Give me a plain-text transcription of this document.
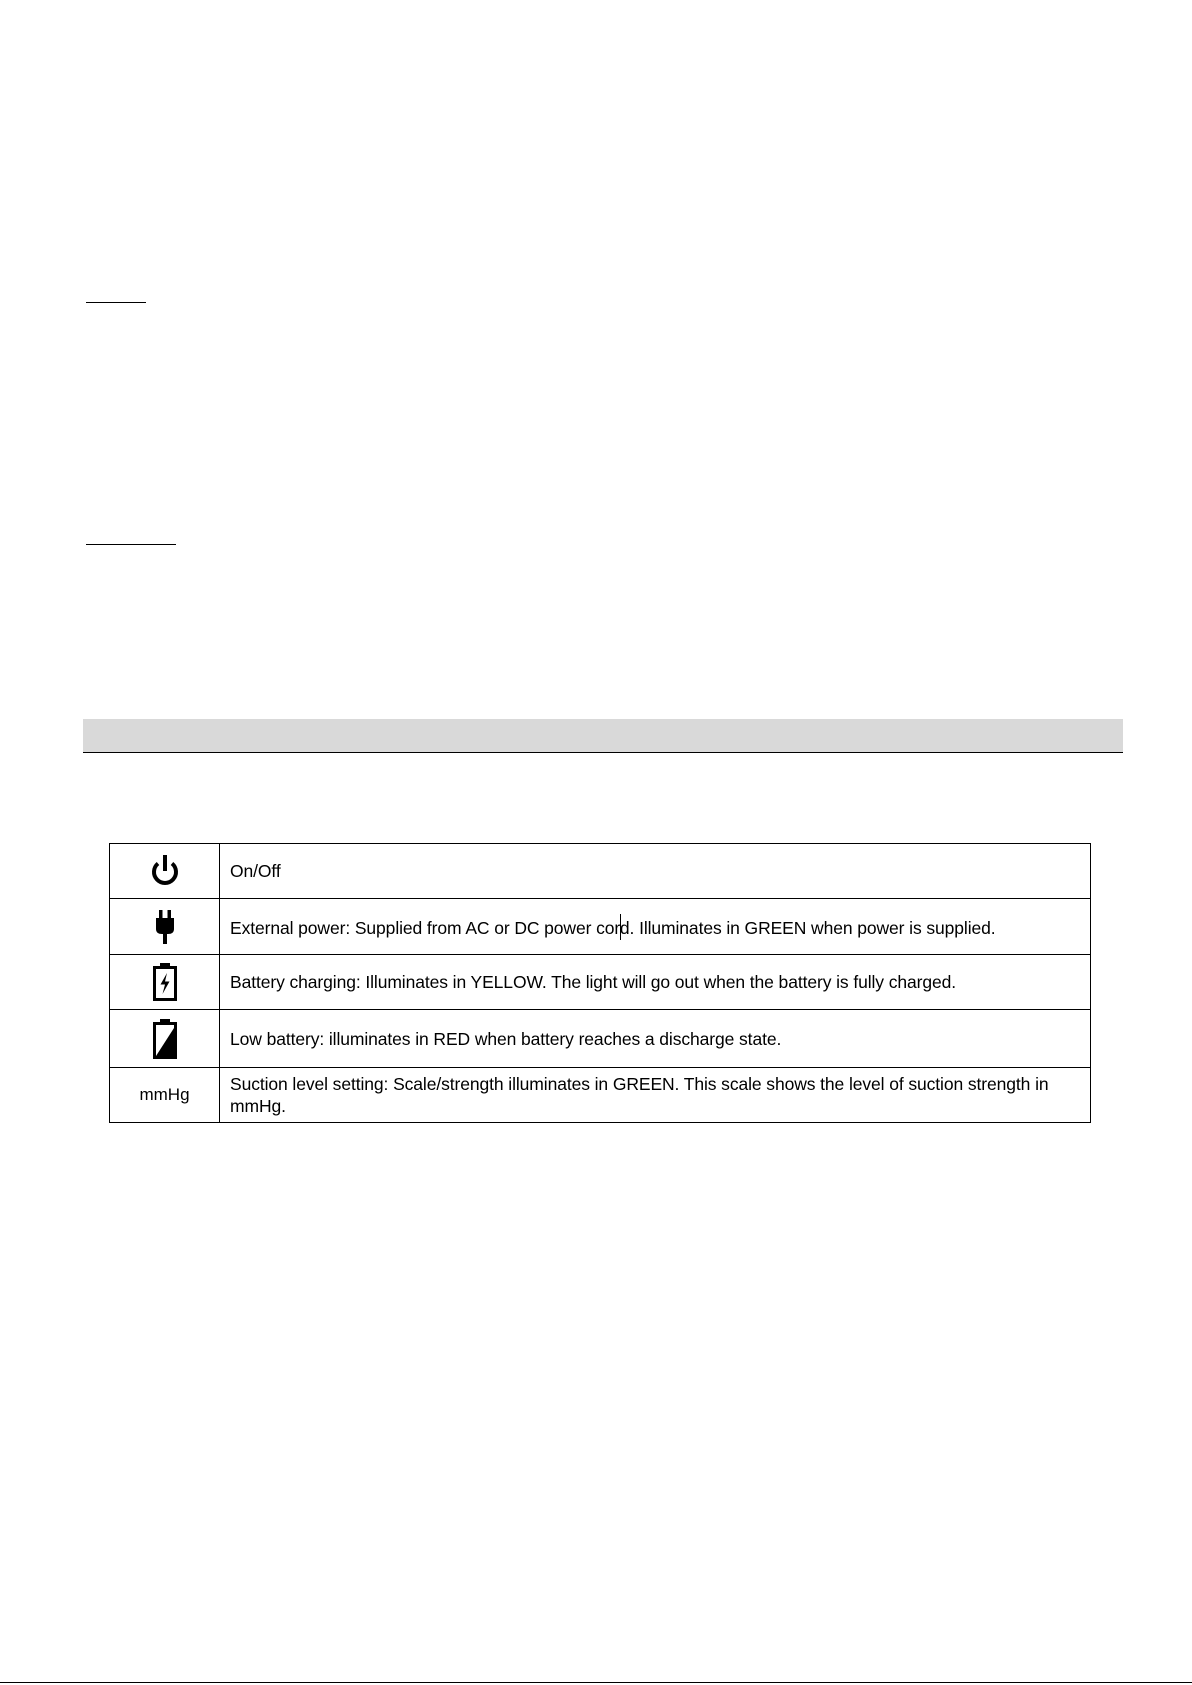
	On/Off

	External power: Supplied from AC or DC power cord. Illuminates in GREEN when power is supplied.

	Battery charging: Illuminates in YELLOW. The light will go out when the battery is fully charged.

	Low battery: illuminates in RED when battery reaches a discharge state.
mmHg	Suction level setting: Scale/strength illuminates in GREEN. This scale shows the level of suction strength in mmHg.
